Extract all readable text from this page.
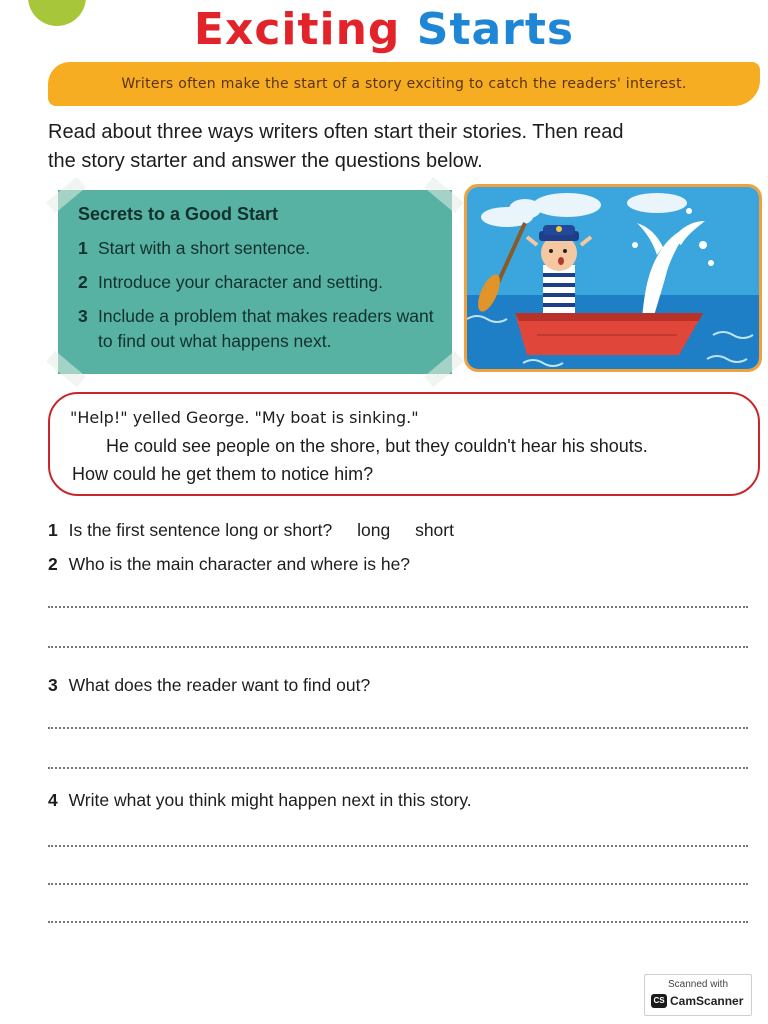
Exciting Starts
Writers often make the start of a story exciting to catch the readers' interest.
Read about three ways writers often start their stories. Then read
the story starter and answer the questions below.
Secrets to a Good Start
1 Start with a short sentence.
2 Introduce your character and setting.
3 Include a problem that makes readers want to find out what happens next.

"Help!" yelled George. "My boat is sinking."

He could see people on the shore, but they couldn't hear his shouts.

How could he get them to notice him?

1 Is the first sentence long or short? long short
2 Who is the main character and where is he?
3 What does the reader want to find out?
4 Write what you think might happen next in this story.
Scanned with
CS CamScanner
